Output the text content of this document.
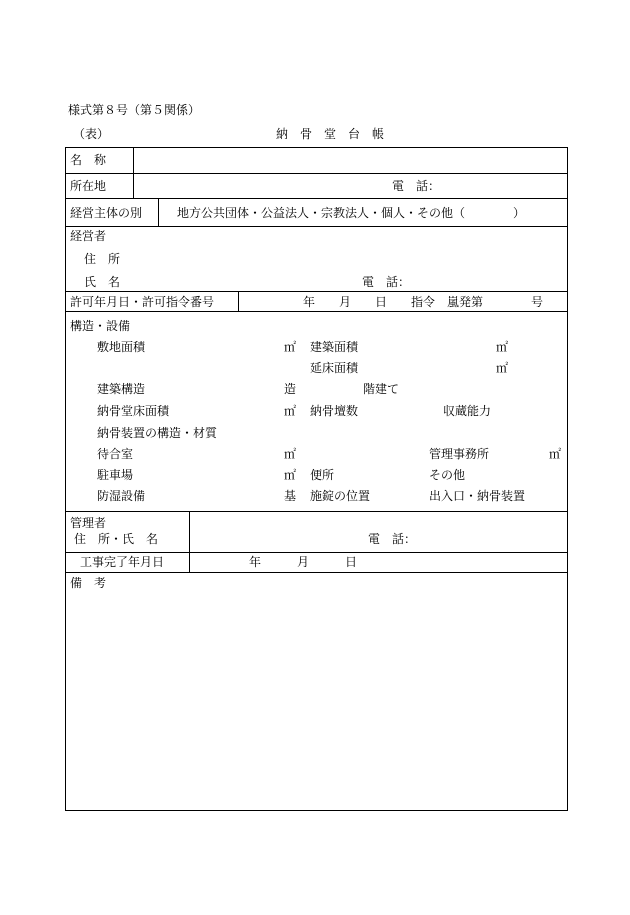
様式第８号（第５関係）
（表）	納　骨　堂　台　帳
名　称
所在地	電　話：
経営主体の別	地方公共団体・公益法人・宗教法人・個人・その他（　　　　）
経営者
住　所
氏　名	電　話：
許可年月日・許可指令番号	年　　月　　日　　指令　嵐発第　　　　号
構造・設備
敷地面積	㎡ 建築面積	㎡
延床面積	㎡
建築構造	造	階建て
納骨堂床面積	㎡ 納骨壇数	収蔵能力
納骨装置の構造・材質
待合室	㎡	管理事務所	㎡
駐車場	㎡ 便所	その他
防湿設備	基 施錠の位置	出入口・納骨装置
管理者
住　所・氏　名	電　話：
工事完了年月日	年　　　月　　　日
備　考
